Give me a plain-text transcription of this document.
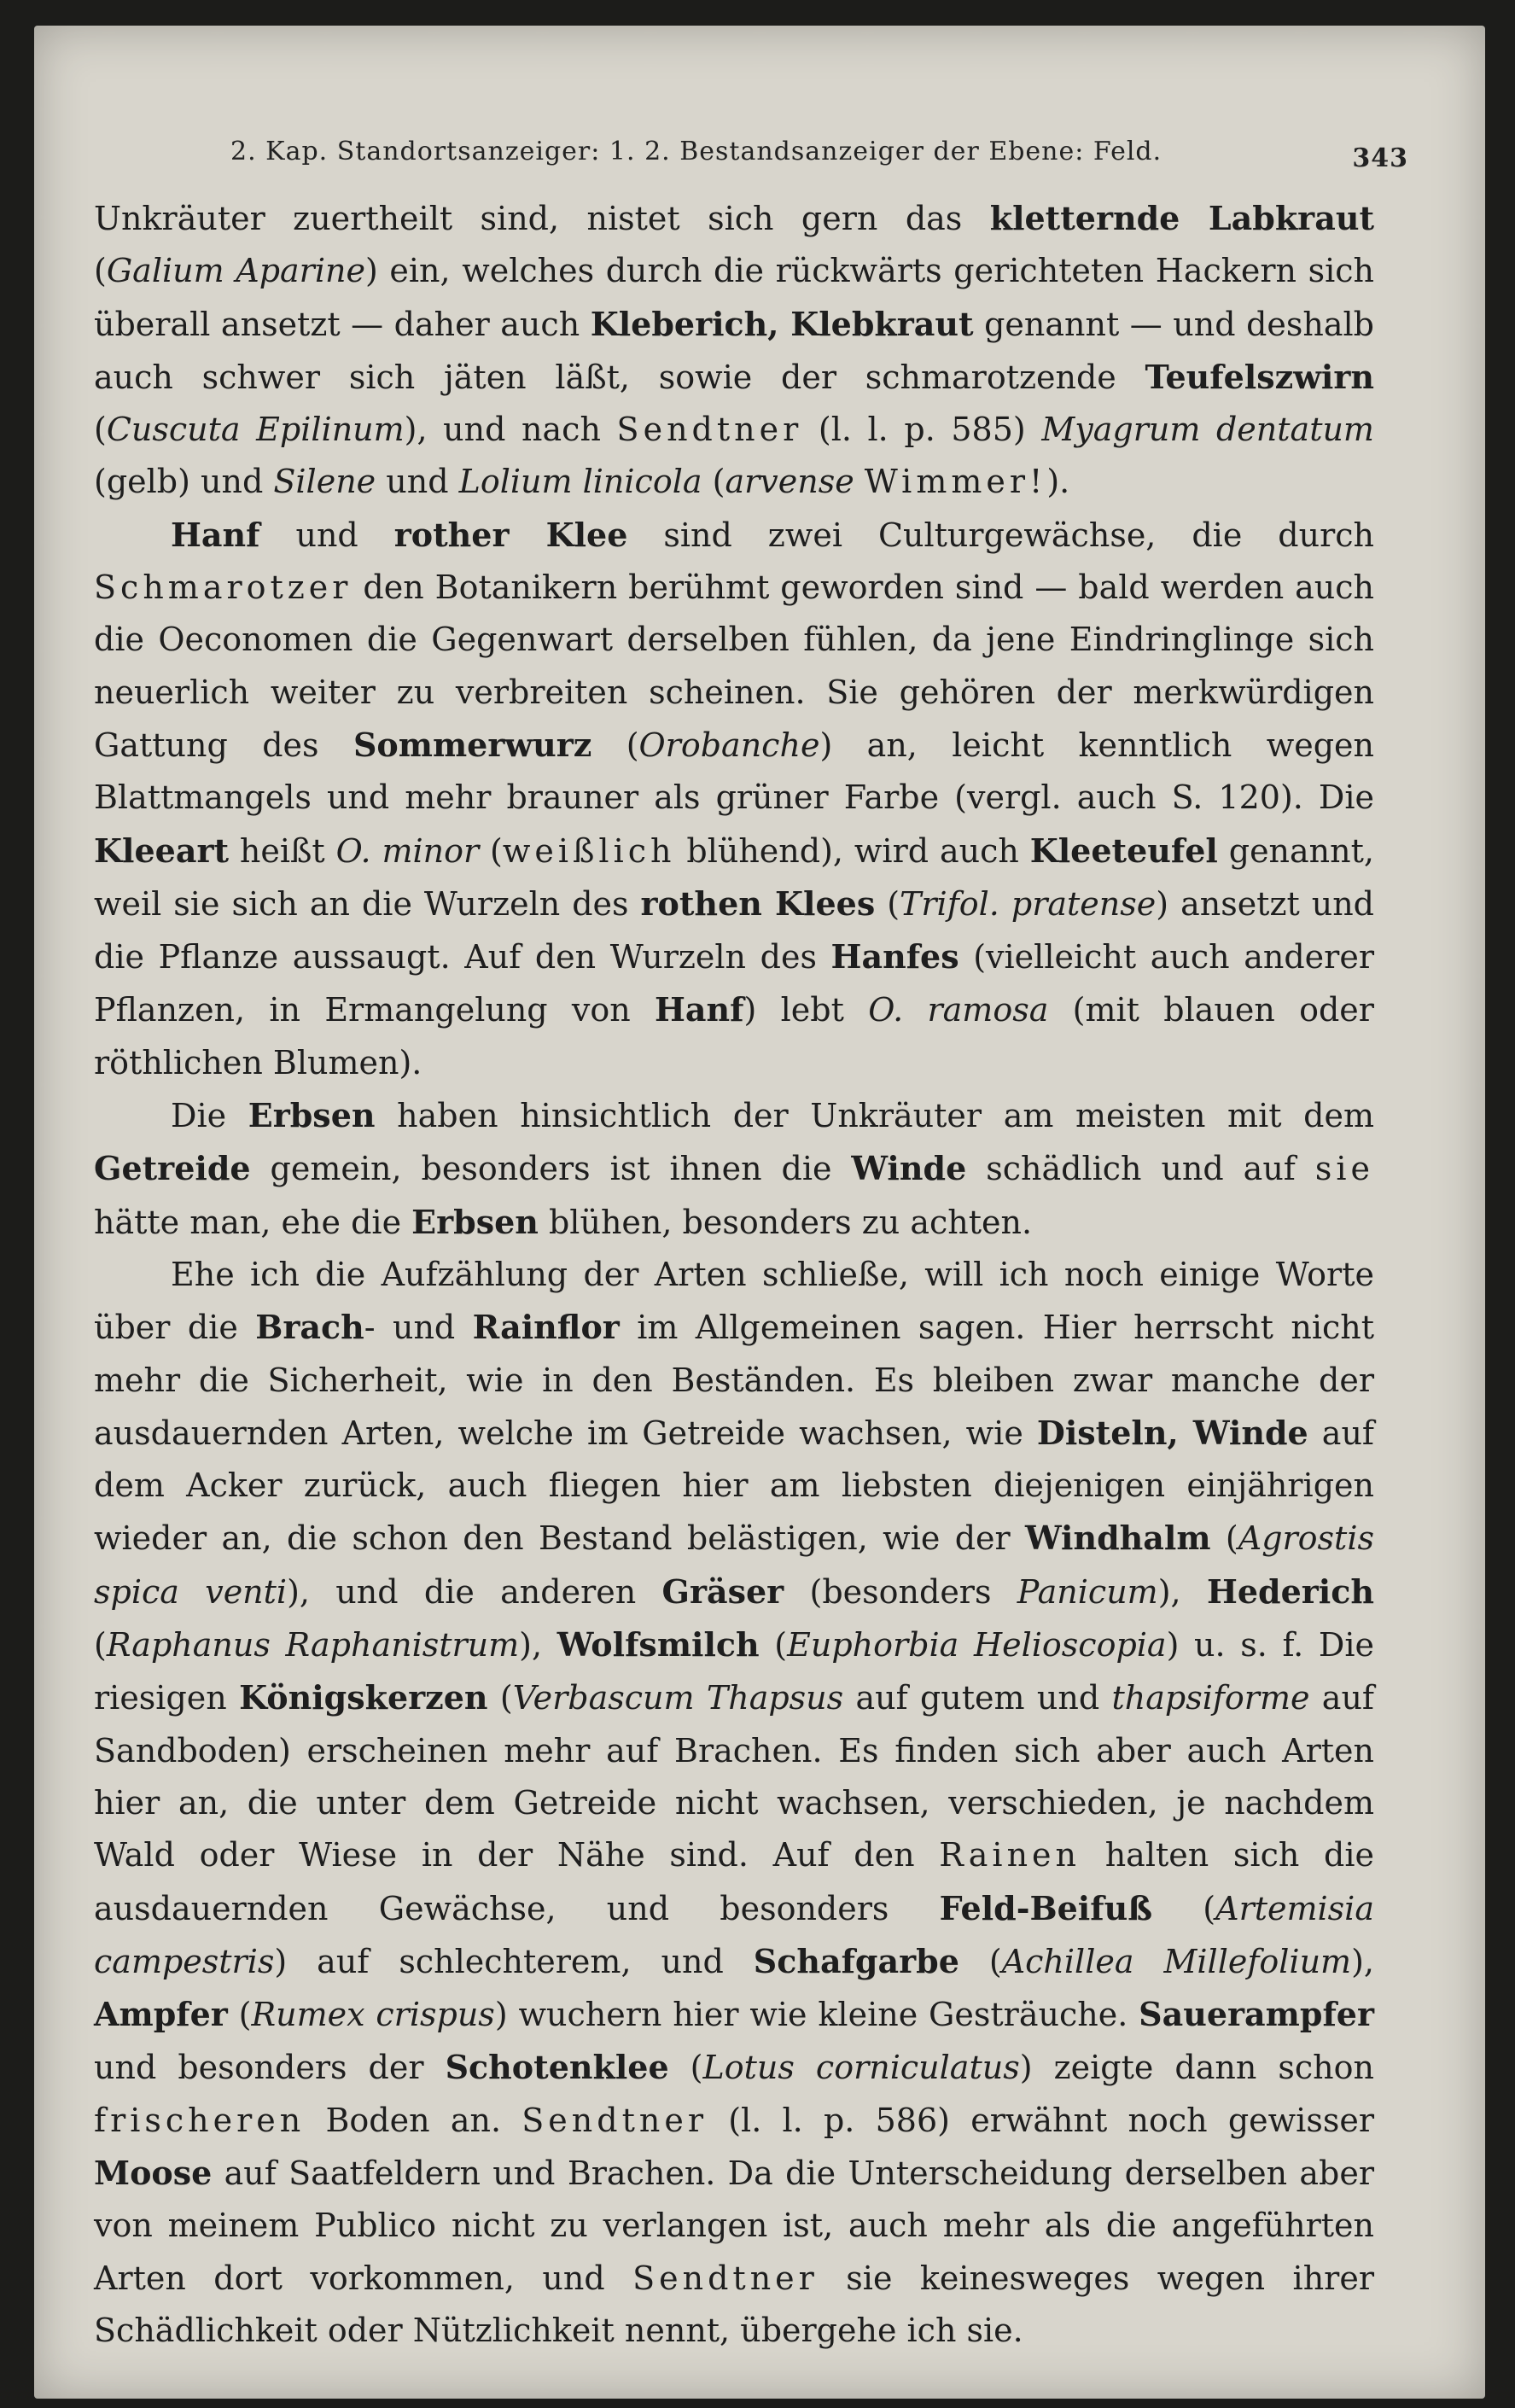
2. Kap. Standortsanzeiger: 1. 2. Bestandsanzeiger der Ebene: Feld.	343

Unkräuter zuertheilt sind, nistet sich gern das kletternde Labkraut (Galium Aparine) ein, welches durch die rückwärts gerichteten Hackern sich überall ansetzt — daher auch Kleberich, Klebkraut genannt — und deshalb auch schwer sich jäten läßt, sowie der schmarotzende Teufelszwirn (Cuscuta Epilinum), und nach Sendtner (l. l. p. 585) Myagrum dentatum (gelb) und Silene und Lolium linicola (arvense Wimmer!).

Hanf und rother Klee sind zwei Culturgewächse, die durch Schmarotzer den Botanikern berühmt geworden sind — bald werden auch die Oeconomen die Gegenwart derselben fühlen, da jene Eindringlinge sich neuerlich weiter zu verbreiten scheinen. Sie gehören der merkwürdigen Gattung des Sommerwurz (Orobanche) an, leicht kenntlich wegen Blattmangels und mehr brauner als grüner Farbe (vergl. auch S. 120). Die Kleeart heißt O. minor (weißlich blühend), wird auch Kleeteufel genannt, weil sie sich an die Wurzeln des rothen Klees (Trifol. pratense) ansetzt und die Pflanze aussaugt. Auf den Wurzeln des Hanfes (vielleicht auch anderer Pflanzen, in Ermangelung von Hanf) lebt O. ramosa (mit blauen oder röthlichen Blumen).

Die Erbsen haben hinsichtlich der Unkräuter am meisten mit dem Getreide gemein, besonders ist ihnen die Winde schädlich und auf sie hätte man, ehe die Erbsen blühen, besonders zu achten.

Ehe ich die Aufzählung der Arten schließe, will ich noch einige Worte über die Brach- und Rainflor im Allgemeinen sagen. Hier herrscht nicht mehr die Sicherheit, wie in den Beständen. Es bleiben zwar manche der ausdauernden Arten, welche im Getreide wachsen, wie Disteln, Winde auf dem Acker zurück, auch fliegen hier am liebsten diejenigen einjährigen wieder an, die schon den Bestand belästigen, wie der Windhalm (Agrostis spica venti), und die anderen Gräser (besonders Panicum), Hederich (Raphanus Raphanistrum), Wolfsmilch (Euphorbia Helioscopia) u. s. f. Die riesigen Königskerzen (Verbascum Thapsus auf gutem und thapsiforme auf Sandboden) erscheinen mehr auf Brachen. Es finden sich aber auch Arten hier an, die unter dem Getreide nicht wachsen, verschieden, je nachdem Wald oder Wiese in der Nähe sind. Auf den Rainen halten sich die ausdauernden Gewächse, und besonders Feld-Beifuß (Artemisia campestris) auf schlechterem, und Schafgarbe (Achillea Millefolium), Ampfer (Rumex crispus) wuchern hier wie kleine Gesträuche. Sauerampfer und besonders der Schotenklee (Lotus corniculatus) zeigte dann schon frischeren Boden an. Sendtner (l. l. p. 586) erwähnt noch gewisser Moose auf Saatfeldern und Brachen. Da die Unterscheidung derselben aber von meinem Publico nicht zu verlangen ist, auch mehr als die angeführten Arten dort vorkommen, und Sendtner sie keinesweges wegen ihrer Schädlichkeit oder Nützlichkeit nennt, übergehe ich sie.
